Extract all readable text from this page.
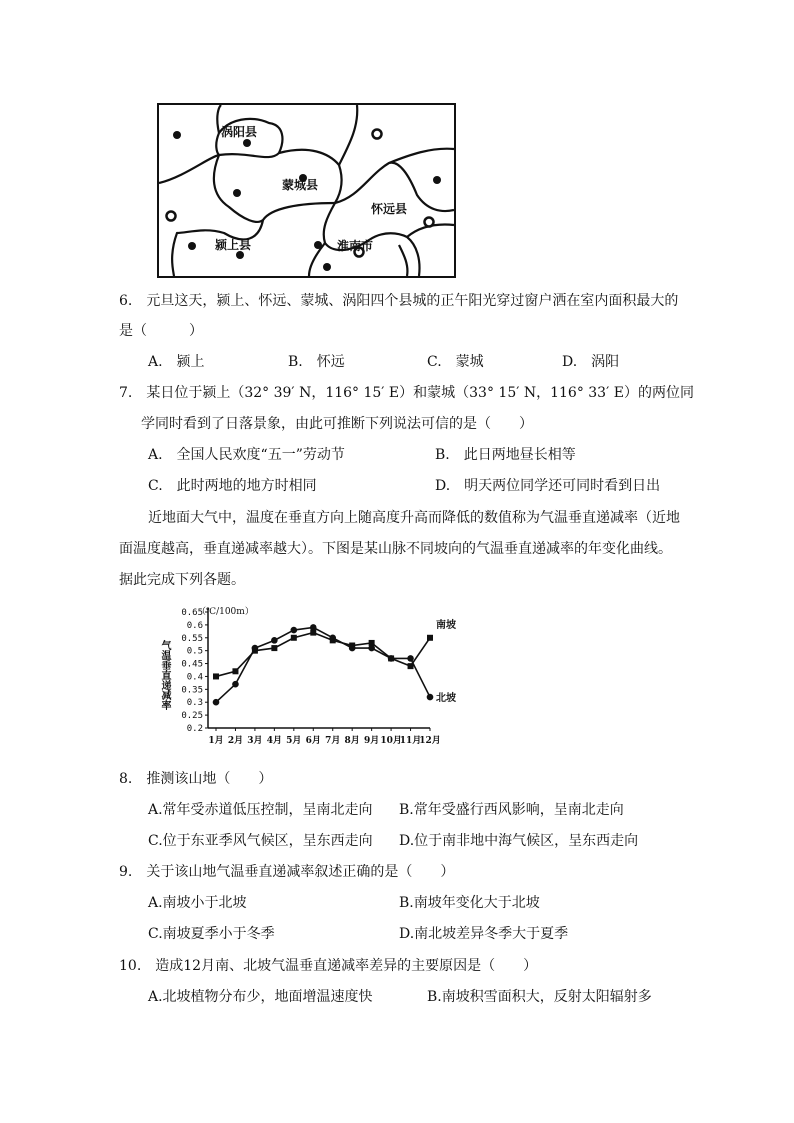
涡阳县
蒙城县
怀远县
颍上县	淮南市
6.　元旦这天，颍上、怀远、蒙城、涡阳四个县城的正午阳光穿过窗户洒在室内面积最大的
是（　　　）
A.　颍上	B.　怀远	C.　蒙城	D.　涡阳
7.　某日位于颍上（32° 39′ N，116° 15′ E）和蒙城（33° 15′ N，116° 33′ E）的两位同
学同时看到了日落景象，由此可推断下列说法可信的是（　　）
A.　全国人民欢度“五一”劳动节	B.　此日两地昼长相等
C.　此时两地的地方时相同	D.　明天两位同学还可同时看到日出
近地面大气中，温度在垂直方向上随高度升高而降低的数值称为气温垂直递减率（近地
面温度越高，垂直递减率越大）。下图是某山脉不同坡向的气温垂直递减率的年变化曲线。
据此完成下列各题。
（℃/100m）
0.65
0.6
0.55
0.5
0.45
0.4
0.35
0.3
0.25
0.2
1月 2月 3月 4月 5月 6月 7月 8月 9月 10月
11月
12月
南坡
北坡
气温垂直递减率
8.　推测该山地（　　）
A.常年受赤道低压控制，呈南北走向 B.常年受盛行西风影响，呈南北走向
C.位于东亚季风气候区，呈东西走向 D.位于南非地中海气候区，呈东西走向
9.　关于该山地气温垂直递减率叙述正确的是（　　）
A.南坡小于北坡	B.南坡年变化大于北坡
C.南坡夏季小于冬季	D.南北坡差异冬季大于夏季
10.　造成12月南、北坡气温垂直递减率差异的主要原因是（　　）
A.北坡植物分布少，地面增温速度快	B.南坡积雪面积大，反射太阳辐射多
